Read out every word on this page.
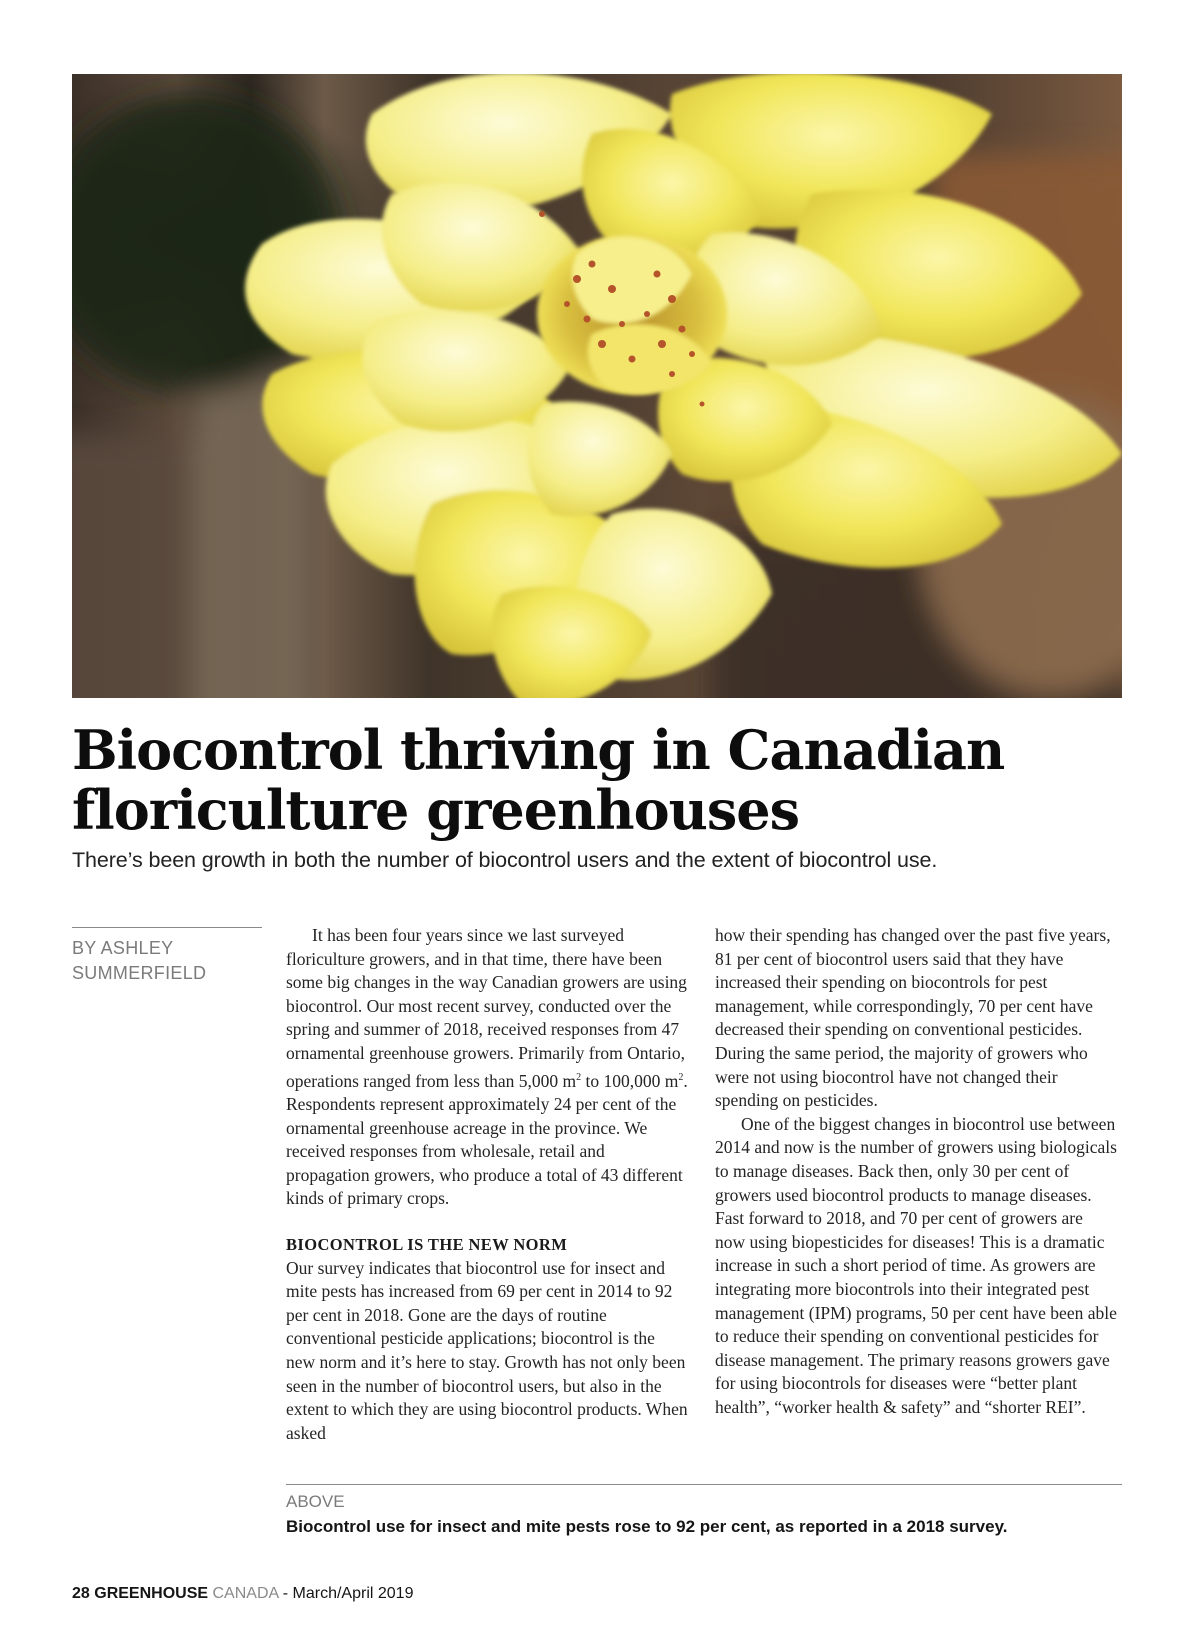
Biocontrol thriving in Canadian
floriculture greenhouses

There’s been growth in both the number of biocontrol users and the extent of biocontrol use.

BY ASHLEY
SUMMERFIELD

It has been four years since we last surveyed floriculture growers, and in that time, there have been some big changes in the way Canadian growers are using biocontrol. Our most recent survey, conducted over the spring and summer of 2018, received responses from 47 ornamental greenhouse growers. Primarily from Ontario, operations ranged from less than 5,000 $m^2$ to 100,000 $m^2$. Respondents represent approximately 24 per cent of the ornamental greenhouse acreage in the province. We received responses from wholesale, retail and propagation growers, who produce a total of 43 different kinds of primary crops.

BIOCONTROL IS THE NEW NORM

Our survey indicates that biocontrol use for insect and mite pests has increased from 69 per cent in 2014 to 92 per cent in 2018. Gone are the days of routine conventional pesticide applications; biocontrol is the new norm and it’s here to stay. Growth has not only been seen in the number of biocontrol users, but also in the extent to which they are using biocontrol products. When asked

how their spending has changed over the past five years, 81 per cent of biocontrol users said that they have increased their spending on biocontrols for pest management, while correspondingly, 70 per cent have decreased their spending on conventional pesticides. During the same period, the majority of growers who were not using biocontrol have not changed their spending on pesticides.

One of the biggest changes in biocontrol use between 2014 and now is the number of growers using biologicals to manage diseases. Back then, only 30 per cent of growers used biocontrol products to manage diseases. Fast forward to 2018, and 70 per cent of growers are now using biopesticides for diseases! This is a dramatic increase in such a short period of time. As growers are integrating more biocontrols into their integrated pest management (IPM) programs, 50 per cent have been able to reduce their spending on conventional pesticides for disease management. The primary reasons growers gave for using biocontrols for diseases were “better plant health”, “worker health & safety” and “shorter REI”.

ABOVE
Biocontrol use for insect and mite pests rose to 92 per cent, as reported in a 2018 survey.
28 GREENHOUSE CANADA - March/April 2019
